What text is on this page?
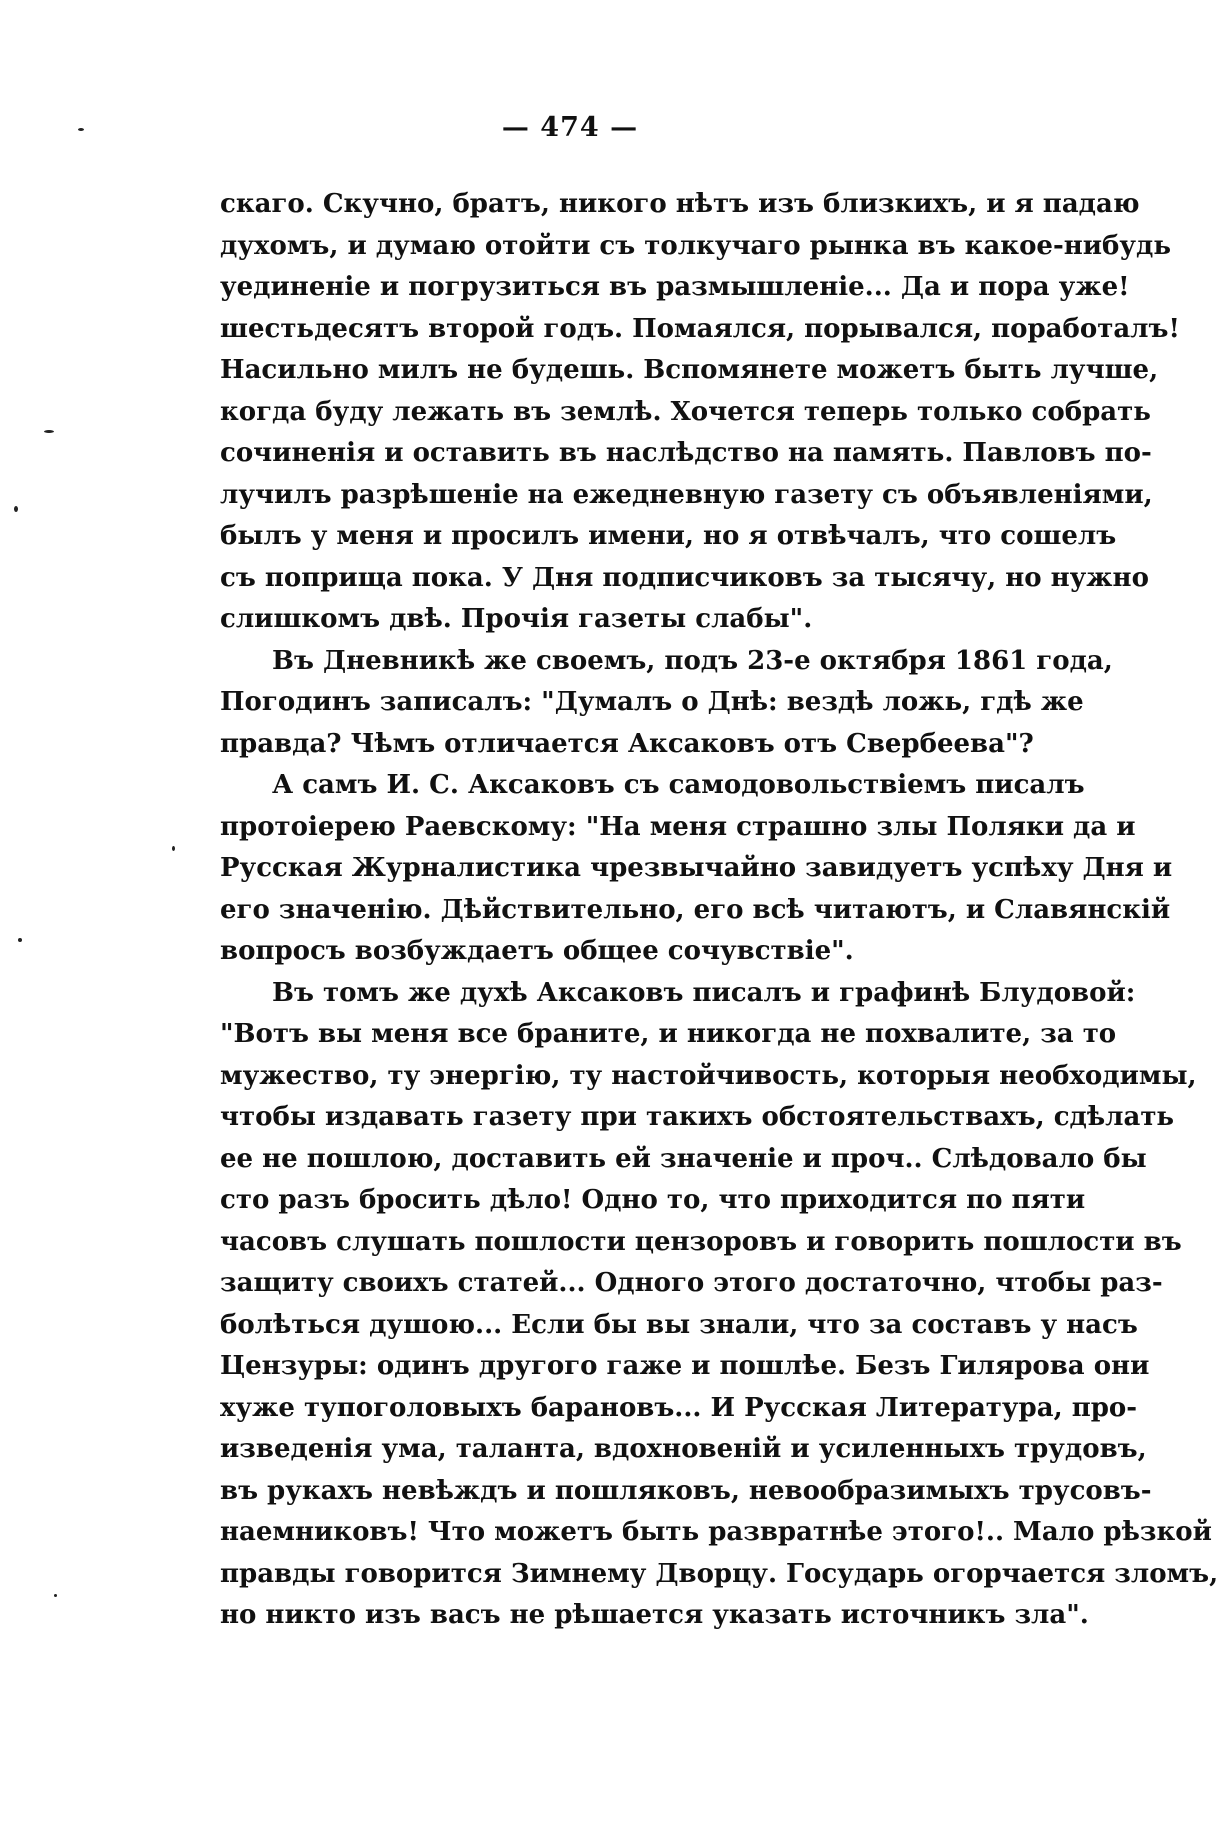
— 474 —
скаго. Скучно, братъ, никого нѣтъ изъ близкихъ, и я падаю
духомъ, и думаю отойти съ толкучаго рынка въ какое-нибудь
уединеніе и погрузиться въ размышленіе... Да и пора уже!
шестьдесятъ второй годъ. Помаялся, порывался, поработалъ!
Насильно милъ не будешь. Вспомянете можетъ быть лучше,
когда буду лежать въ землѣ. Хочется теперь только собрать
сочиненія и оставить въ наслѣдство на память. Павловъ по-
лучилъ разрѣшеніе на ежедневную газету съ объявленіями,
былъ у меня и просилъ имени, но я отвѣчалъ, что сошелъ
съ поприща пока. У Дня подписчиковъ за тысячу, но нужно
слишкомъ двѣ. Прочія газеты слабы".
Въ Дневникѣ же своемъ, подъ 23-е октября 1861 года,
Погодинъ записалъ: "Думалъ о Днѣ: вездѣ ложь, гдѣ же
правда? Чѣмъ отличается Аксаковъ отъ Свербеева"?
А самъ И. С. Аксаковъ съ самодовольствіемъ писалъ
протоіерею Раевскому: "На меня страшно злы Поляки да и
Русская Журналистика чрезвычайно завидуетъ успѣху Дня и
его значенію. Дѣйствительно, его всѣ читаютъ, и Славянскій
вопросъ возбуждаетъ общее сочувствіе".
Въ томъ же духѣ Аксаковъ писалъ и графинѣ Блудовой:
"Вотъ вы меня все браните, и никогда не похвалите, за то
мужество, ту энергію, ту настойчивость, которыя необходимы,
чтобы издавать газету при такихъ обстоятельствахъ, сдѣлать
ее не пошлою, доставить ей значеніе и проч.. Слѣдовало бы
сто разъ бросить дѣло! Одно то, что приходится по пяти
часовъ слушать пошлости цензоровъ и говорить пошлости въ
защиту своихъ статей... Одного этого достаточно, чтобы раз-
болѣться душою... Если бы вы знали, что за составъ у насъ
Цензуры: одинъ другого гаже и пошлѣе. Безъ Гилярова они
хуже тупоголовыхъ барановъ... И Русская Литература, про-
изведенія ума, таланта, вдохновеній и усиленныхъ трудовъ,
въ рукахъ невѣждъ и пошляковъ, невообразимыхъ трусовъ-
наемниковъ! Что можетъ быть развратнѣе этого!.. Мало рѣзкой
правды говорится Зимнему Дворцу. Государь огорчается зломъ,
но никто изъ васъ не рѣшается указать источникъ зла".
